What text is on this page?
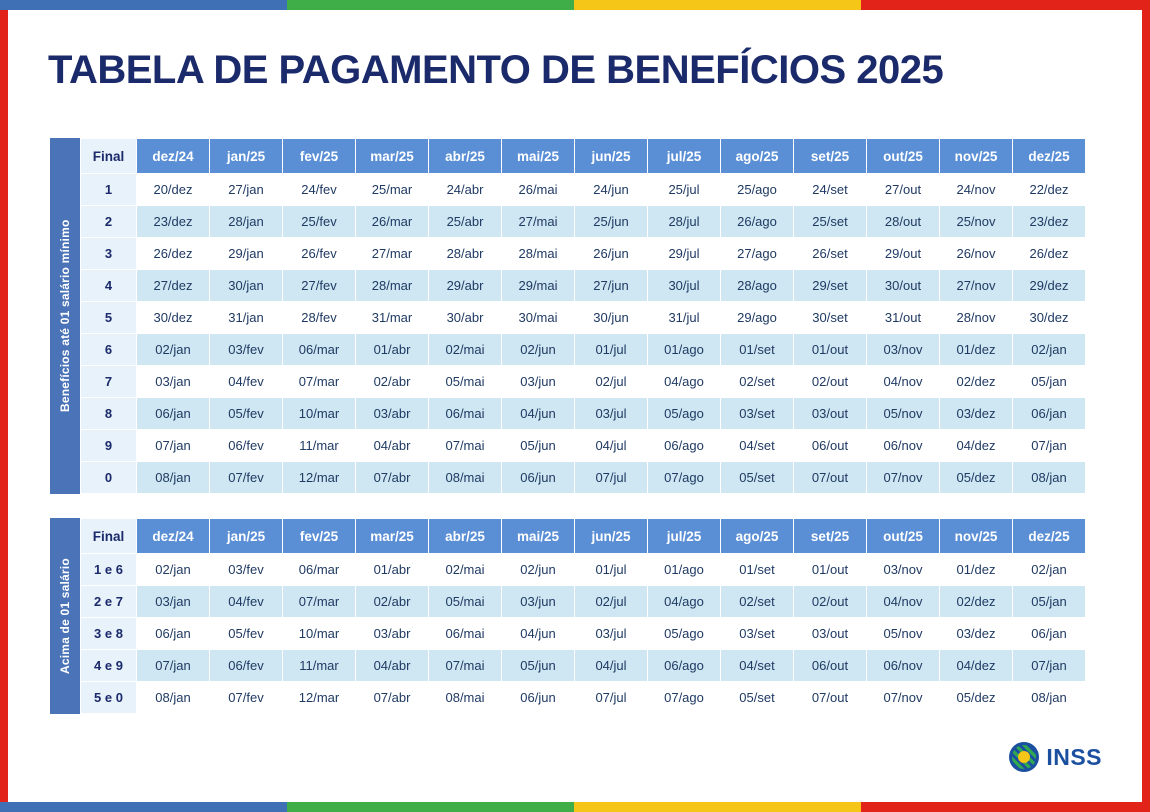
TABELA DE PAGAMENTO DE BENEFÍCIOS 2025
Benefícios até 01 salário mínimo
Final	dez/24	jan/25	fev/25	mar/25	abr/25	mai/25	jun/25	jul/25	ago/25	set/25	out/25	nov/25	dez/25
1	20/dez	27/jan	24/fev	25/mar	24/abr	26/mai	24/jun	25/jul	25/ago	24/set	27/out	24/nov	22/dez
2	23/dez	28/jan	25/fev	26/mar	25/abr	27/mai	25/jun	28/jul	26/ago	25/set	28/out	25/nov	23/dez
3	26/dez	29/jan	26/fev	27/mar	28/abr	28/mai	26/jun	29/jul	27/ago	26/set	29/out	26/nov	26/dez
4	27/dez	30/jan	27/fev	28/mar	29/abr	29/mai	27/jun	30/jul	28/ago	29/set	30/out	27/nov	29/dez
5	30/dez	31/jan	28/fev	31/mar	30/abr	30/mai	30/jun	31/jul	29/ago	30/set	31/out	28/nov	30/dez
6	02/jan	03/fev	06/mar	01/abr	02/mai	02/jun	01/jul	01/ago	01/set	01/out	03/nov	01/dez	02/jan
7	03/jan	04/fev	07/mar	02/abr	05/mai	03/jun	02/jul	04/ago	02/set	02/out	04/nov	02/dez	05/jan
8	06/jan	05/fev	10/mar	03/abr	06/mai	04/jun	03/jul	05/ago	03/set	03/out	05/nov	03/dez	06/jan
9	07/jan	06/fev	11/mar	04/abr	07/mai	05/jun	04/jul	06/ago	04/set	06/out	06/nov	04/dez	07/jan
0	08/jan	07/fev	12/mar	07/abr	08/mai	06/jun	07/jul	07/ago	05/set	07/out	07/nov	05/dez	08/jan
Acima de 01 salário
Final	dez/24	jan/25	fev/25	mar/25	abr/25	mai/25	jun/25	jul/25	ago/25	set/25	out/25	nov/25	dez/25
1 e 6	02/jan	03/fev	06/mar	01/abr	02/mai	02/jun	01/jul	01/ago	01/set	01/out	03/nov	01/dez	02/jan
2 e 7	03/jan	04/fev	07/mar	02/abr	05/mai	03/jun	02/jul	04/ago	02/set	02/out	04/nov	02/dez	05/jan
3 e 8	06/jan	05/fev	10/mar	03/abr	06/mai	04/jun	03/jul	05/ago	03/set	03/out	05/nov	03/dez	06/jan
4 e 9	07/jan	06/fev	11/mar	04/abr	07/mai	05/jun	04/jul	06/ago	04/set	06/out	06/nov	04/dez	07/jan
5 e 0	08/jan	07/fev	12/mar	07/abr	08/mai	06/jun	07/jul	07/ago	05/set	07/out	07/nov	05/dez	08/jan
INSS
